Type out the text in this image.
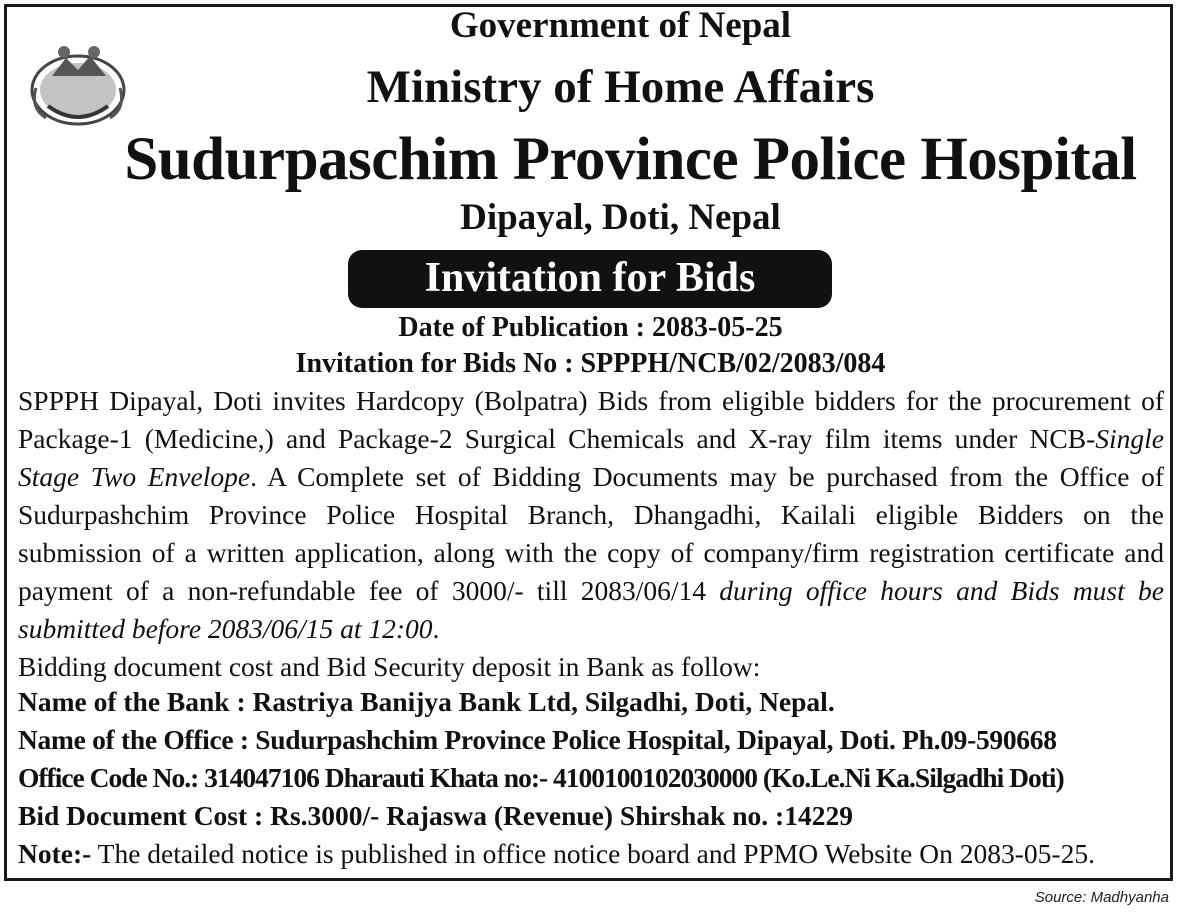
Government of Nepal
Ministry of Home Affairs
Sudurpaschim Province Police Hospital
Dipayal, Doti, Nepal
Invitation for Bids
Date of Publication : 2083-05-25
Invitation for Bids No : SPPPH/NCB/02/2083/084
SPPPH Dipayal, Doti invites Hardcopy (Bolpatra) Bids from eligible bidders for the procurement of Package-1 (Medicine,) and Package-2 Surgical Chemicals and X-ray film items under NCB-Single Stage Two Envelope. A Complete set of Bidding Documents may be purchased from the Office of Sudurpashchim Province Police Hospital Branch, Dhangadhi, Kailali eligible Bidders on the submission of a written application, along with the copy of company/firm registration certificate and payment of a non-refundable fee of 3000/- till 2083/06/14 during office hours and Bids must be submitted before 2083/06/15 at 12:00.
Bidding document cost and Bid Security deposit in Bank as follow:
Name of the Bank : Rastriya Banijya Bank Ltd, Silgadhi, Doti, Nepal.
Name of the Office : Sudurpashchim Province Police Hospital, Dipayal, Doti. Ph.09-590668
Office Code No.: 314047106 Dharauti Khata no:- 4100100102030000 (Ko.Le.Ni Ka.Silgadhi Doti)
Bid Document Cost : Rs.3000/- Rajaswa (Revenue) Shirshak no. :14229
Note:- The detailed notice is published in office notice board and PPMO Website On 2083-05-25.
Source: Madhyanha
